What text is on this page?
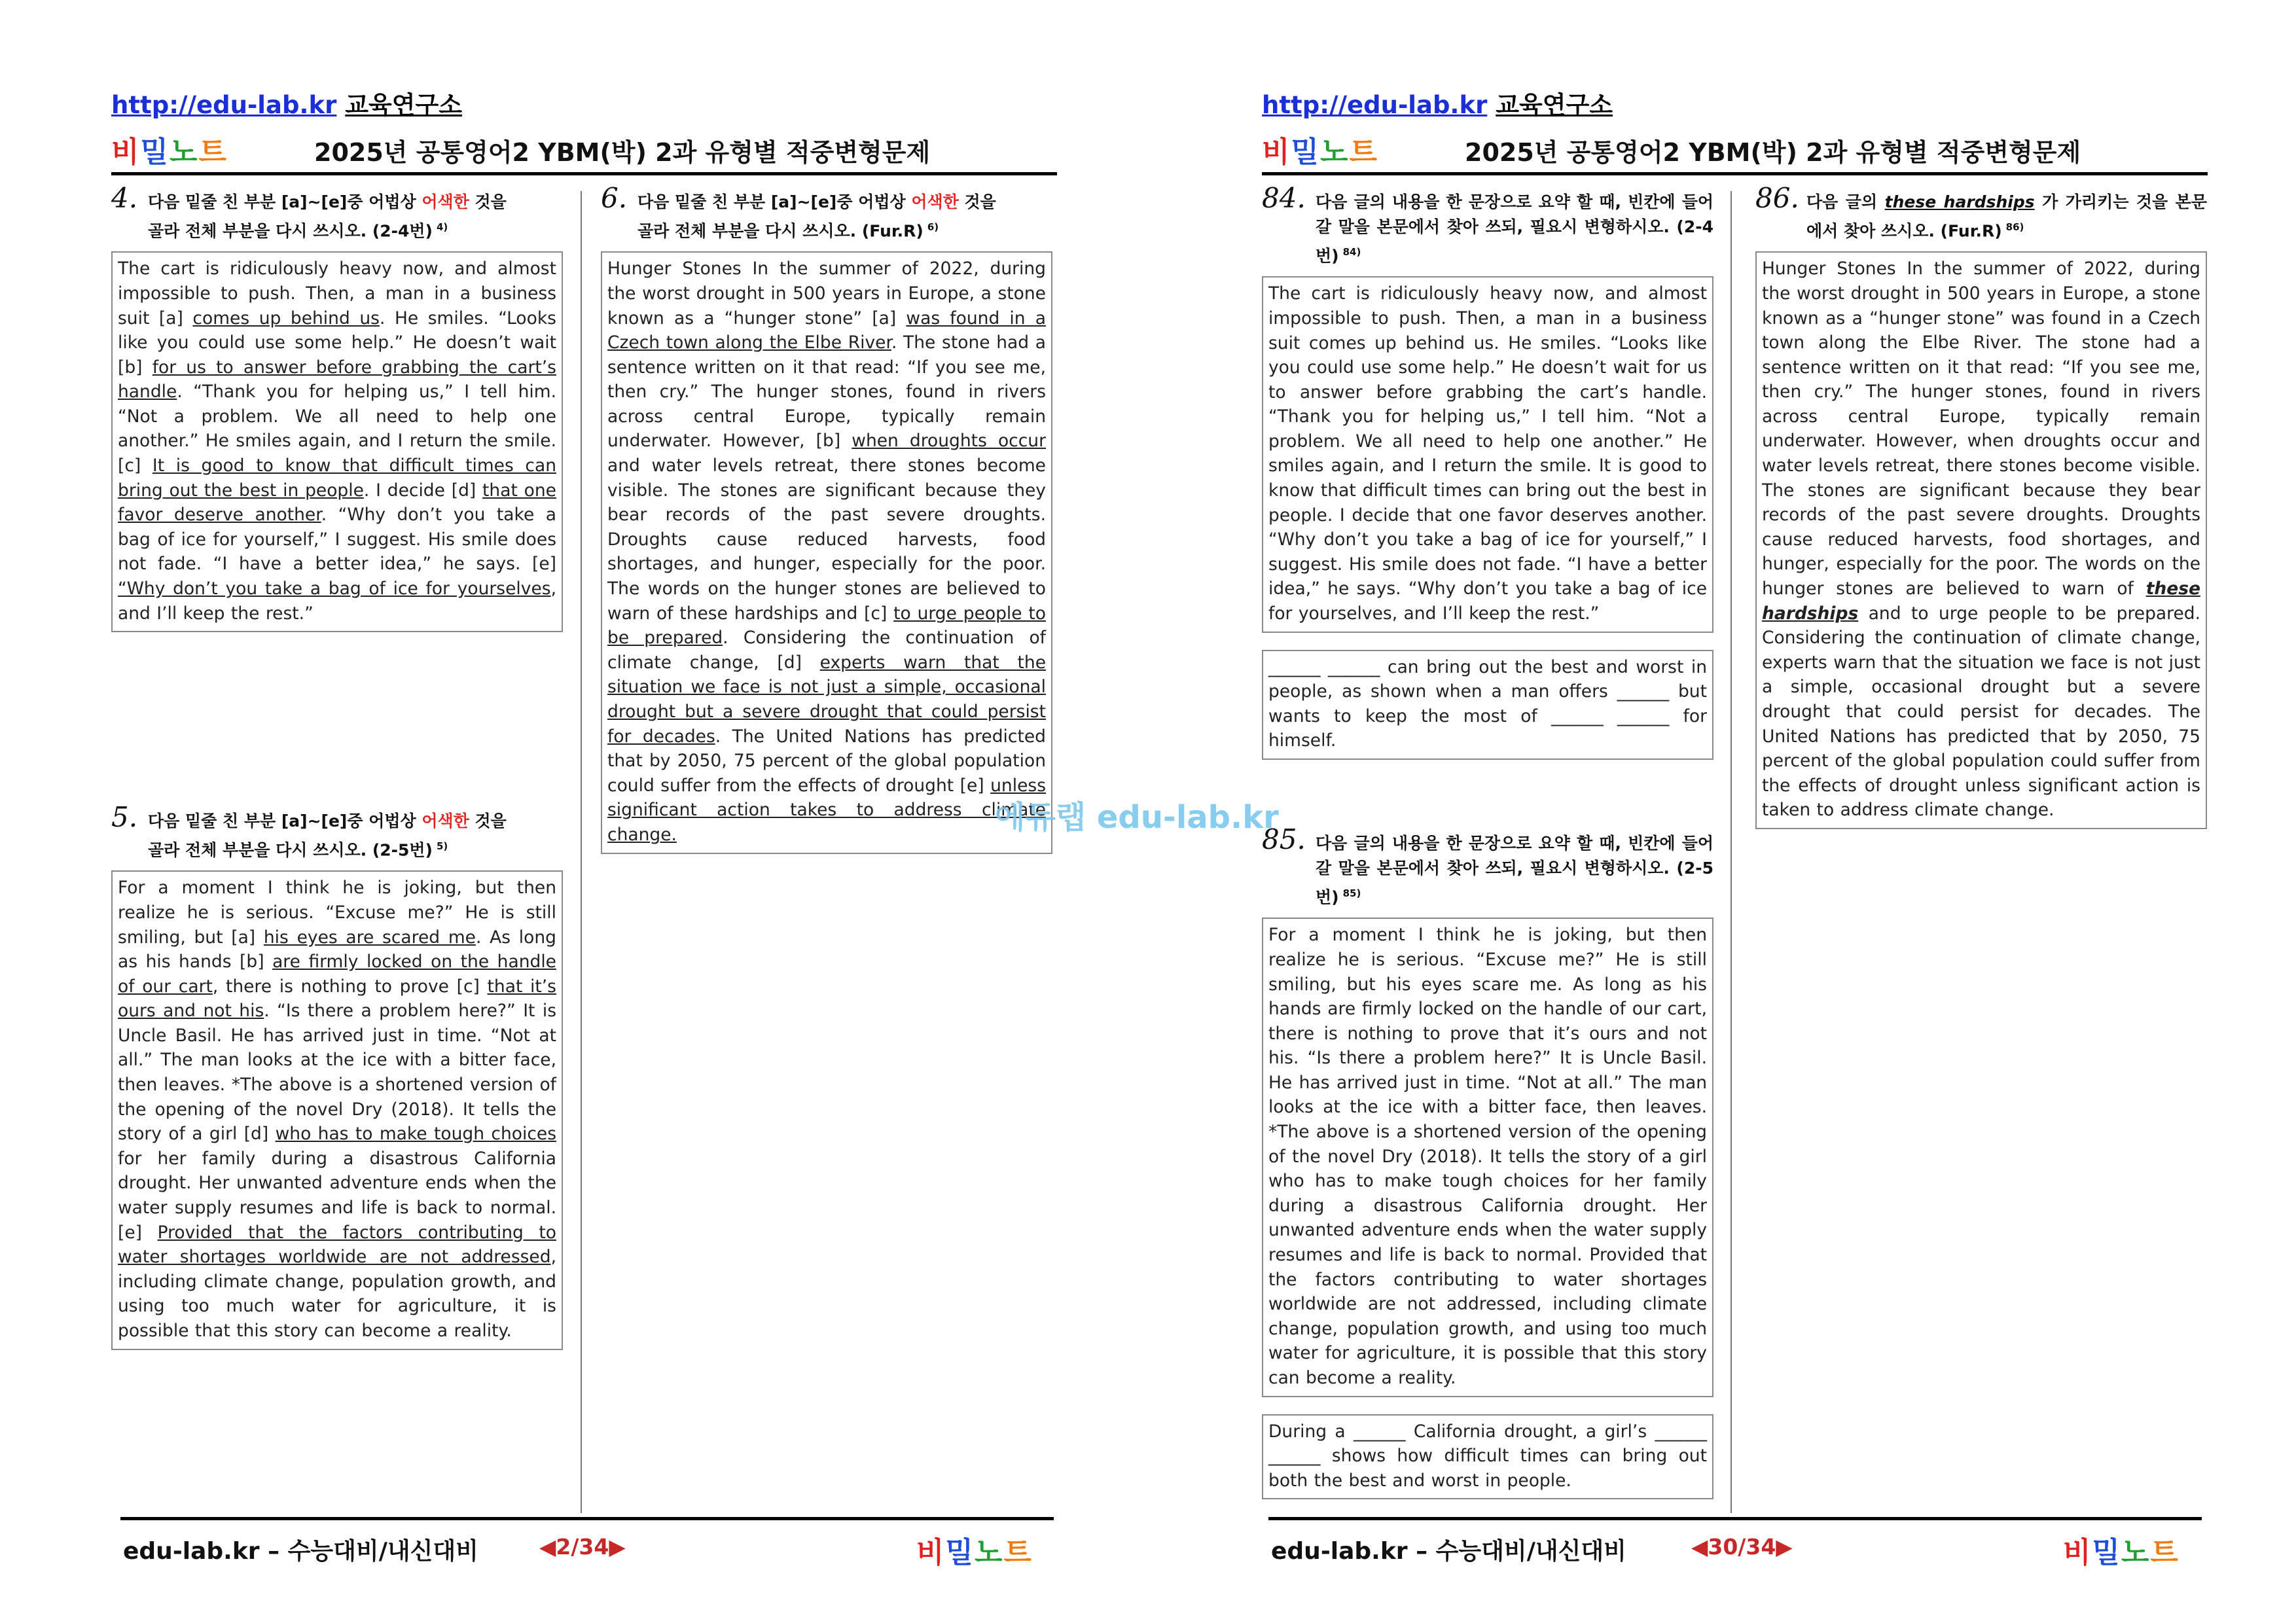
http://edu-lab.kr 교육연구소
비밀노트	2025년 공통영어2 YBM(박) 2과 유형별 적중변형문제
4. 다음 밑줄 친 부분 [a]~[e]중 어법상 어색한 것을
골라 전체 부분을 다시 쓰시오. (2-4번) $^{4)}$
The cart is ridiculously heavy now, and almost impossible to push. Then, a man in a business suit [a] comes up behind us. He smiles. “Looks like you could use some help.” He doesn’t wait [b] for us to answer before grabbing the cart’s handle. “Thank you for helping us,” I tell him. “Not a problem. We all need to help one another.” He smiles again, and I return the smile. [c] It is good to know that difficult times can bring out the best in people. I decide [d] that one favor deserve another. “Why don’t you take a bag of ice for yourself,” I suggest. His smile does not fade. “I have a better idea,” he says. [e] “Why don’t you take a bag of ice for yourselves, and I’ll keep the rest.”
5. 다음 밑줄 친 부분 [a]~[e]중 어법상 어색한 것을
골라 전체 부분을 다시 쓰시오. (2-5번) $^{5)}$
For a moment I think he is joking, but then realize he is serious. “Excuse me?” He is still smiling, but [a] his eyes are scared me. As long as his hands [b] are firmly locked on the handle of our cart, there is nothing to prove [c] that it’s ours and not his. “Is there a problem here?” It is Uncle Basil. He has arrived just in time. “Not at all.” The man looks at the ice with a bitter face, then leaves. *The above is a shortened version of the opening of the novel Dry (2018). It tells the story of a girl [d] who has to make tough choices for her family during a disastrous California drought. Her unwanted adventure ends when the water supply resumes and life is back to normal. [e] Provided that the factors contributing to water shortages worldwide are not addressed, including climate change, population growth, and using too much water for agriculture, it is possible that this story can become a reality.
6. 다음 밑줄 친 부분 [a]~[e]중 어법상 어색한 것을
골라 전체 부분을 다시 쓰시오. (Fur.R) $^{6)}$
Hunger Stones In the summer of 2022, during the worst drought in 500 years in Europe, a stone known as a “hunger stone” [a] was found in a Czech town along the Elbe River. The stone had a sentence written on it that read: “If you see me, then cry.” The hunger stones, found in rivers across central Europe, typically remain underwater. However, [b] when droughts occur and water levels retreat, there stones become visible. The stones are significant because they bear records of the past severe droughts. Droughts cause reduced harvests, food shortages, and hunger, especially for the poor. The words on the hunger stones are believed to warn of these hardships and [c] to urge people to be prepared. Considering the continuation of climate change, [d] experts warn that the situation we face is not just a simple, occasional drought but a severe drought that could persist for decades. The United Nations has predicted that by 2050, 75 percent of the global population could suffer from the effects of drought [e] unless significant action takes to address climate change.
edu-lab.kr – 수능대비/내신대비	◀2/34▶	비밀노트
http://edu-lab.kr 교육연구소
비밀노트	2025년 공통영어2 YBM(박) 2과 유형별 적중변형문제
84. 다음 글의 내용을 한 문장으로 요약 할 때, 빈칸에 들어갈 말을 본문에서 찾아 쓰되, 필요시 변형하시오. (2-4번) $^{84)}$
The cart is ridiculously heavy now, and almost impossible to push. Then, a man in a business suit comes up behind us. He smiles. “Looks like you could use some help.” He doesn’t wait for us to answer before grabbing the cart’s handle. “Thank you for helping us,” I tell him. “Not a problem. We all need to help one another.” He smiles again, and I return the smile. It is good to know that difficult times can bring out the best in people. I decide that one favor deserves another. “Why don’t you take a bag of ice for yourself,” I suggest. His smile does not fade. “I have a better idea,” he says. “Why don’t you take a bag of ice for yourselves, and I’ll keep the rest.”
______ ______ can bring out the best and worst in people, as shown when a man offers ______ but wants to keep the most of ______ ______ for himself.
85. 다음 글의 내용을 한 문장으로 요약 할 때, 빈칸에 들어갈 말을 본문에서 찾아 쓰되, 필요시 변형하시오. (2-5번) $^{85)}$
For a moment I think he is joking, but then realize he is serious. “Excuse me?” He is still smiling, but his eyes scare me. As long as his hands are firmly locked on the handle of our cart, there is nothing to prove that it’s ours and not his. “Is there a problem here?” It is Uncle Basil. He has arrived just in time. “Not at all.” The man looks at the ice with a bitter face, then leaves. *The above is a shortened version of the opening of the novel Dry (2018). It tells the story of a girl who has to make tough choices for her family during a disastrous California drought. Her unwanted adventure ends when the water supply resumes and life is back to normal. Provided that the factors contributing to water shortages worldwide are not addressed, including climate change, population growth, and using too much water for agriculture, it is possible that this story can become a reality.
During a ______ California drought, a girl’s ______ ______ shows how difficult times can bring out both the best and worst in people.
86. 다음 글의 these hardships 가 가리키는 것을 본문에서 찾아 쓰시오. (Fur.R) $^{86)}$
Hunger Stones In the summer of 2022, during the worst drought in 500 years in Europe, a stone known as a “hunger stone” was found in a Czech town along the Elbe River. The stone had a sentence written on it that read: “If you see me, then cry.” The hunger stones, found in rivers across central Europe, typically remain underwater. However, when droughts occur and water levels retreat, there stones become visible. The stones are significant because they bear records of the past severe droughts. Droughts cause reduced harvests, food shortages, and hunger, especially for the poor. The words on the hunger stones are believed to warn of these hardships and to urge people to be prepared. Considering the continuation of climate change, experts warn that the situation we face is not just a simple, occasional drought but a severe drought that could persist for decades. The United Nations has predicted that by 2050, 75 percent of the global population could suffer from the effects of drought unless significant action is taken to address climate change.
edu-lab.kr – 수능대비/내신대비	◀30/34▶	비밀노트
에듀랩 edu-lab.kr
